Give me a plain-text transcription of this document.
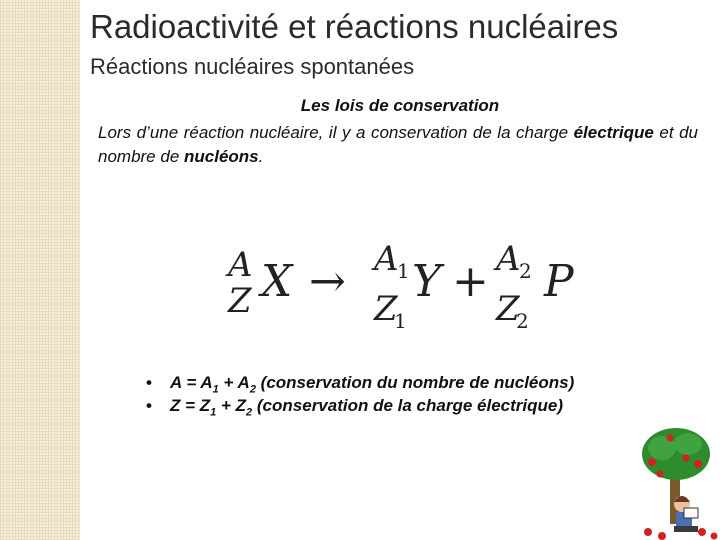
Radioactivité et réactions nucléaires
Réactions nucléaires spontanées

Les lois de conservation

Lors d’une réaction nucléaire, il y a conservation de la charge électrique et du nombre de nucléons.

A
Z X → A
1
Z
1
Y + A
2
Z
2
P
• $A = A_1 + A_2$ (conservation du nombre de nucléons)
• $Z = Z_1 + Z_2$ (conservation de la charge électrique)
